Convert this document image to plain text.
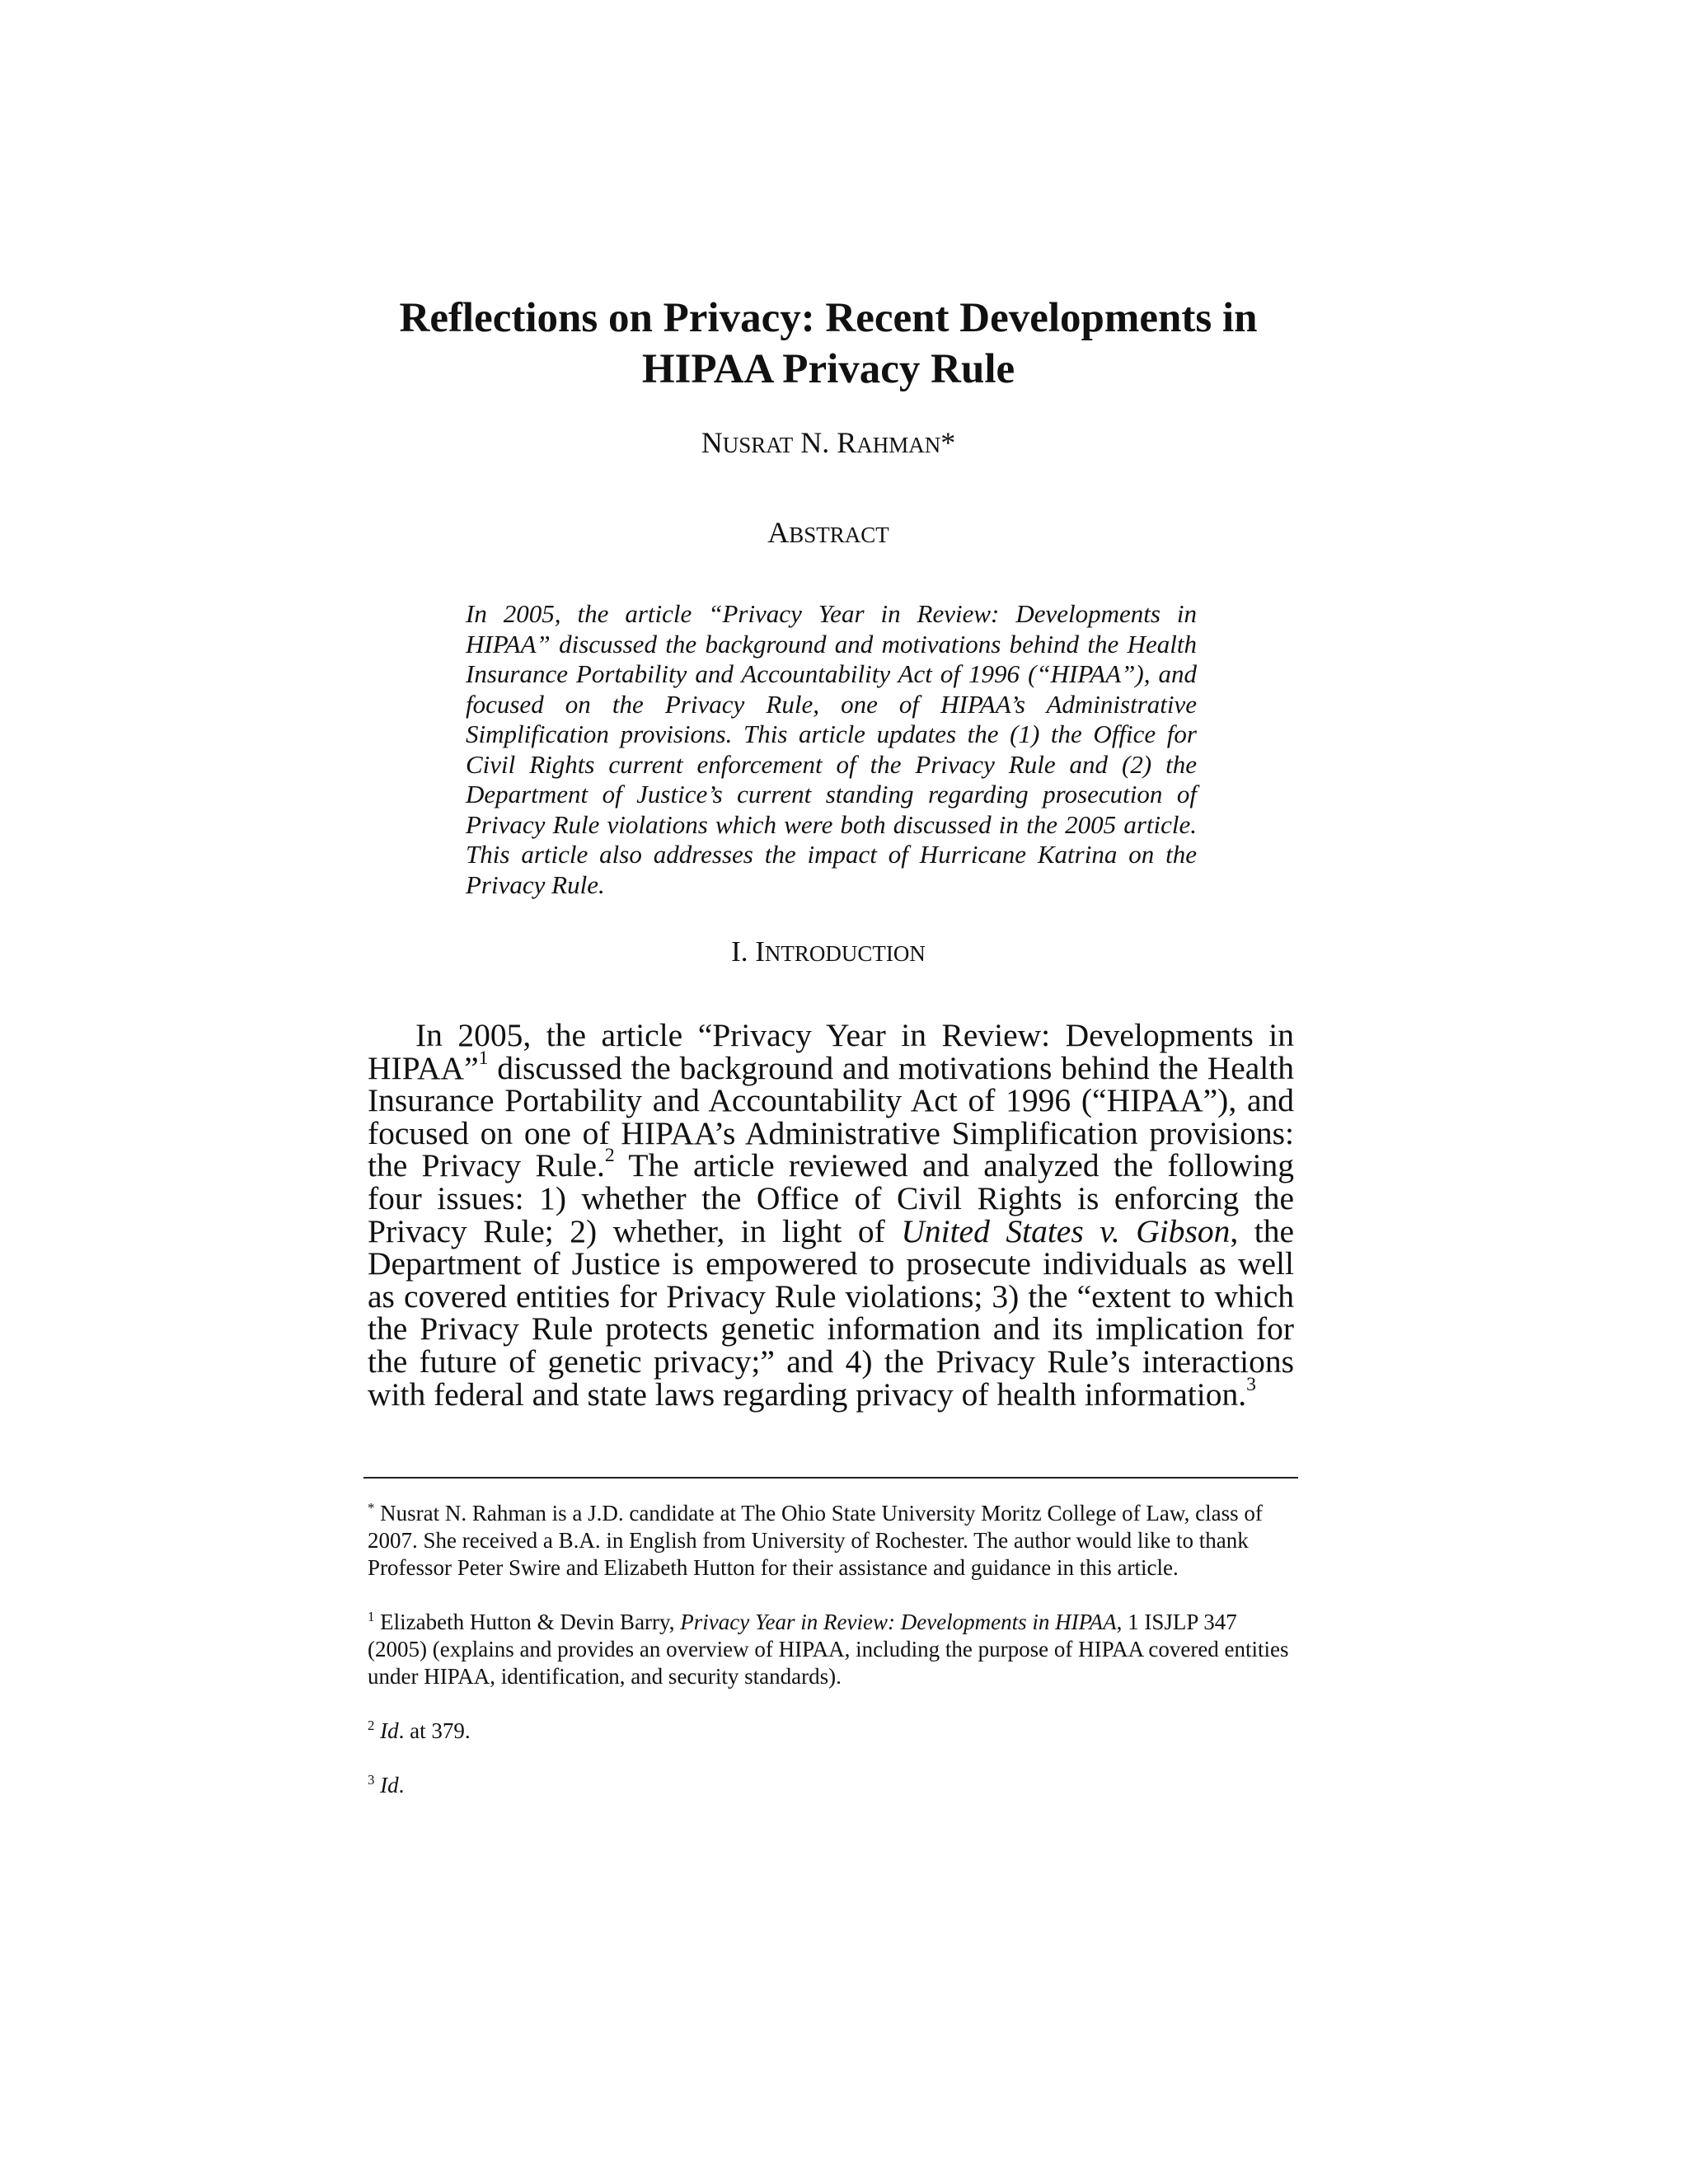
Reflections on Privacy: Recent Developments in HIPAA Privacy Rule
NUSRAT N. RAHMAN*
ABSTRACT

In 2005, the article “Privacy Year in Review: Developments in HIPAA” discussed the background and motivations behind the Health Insurance Portability and Accountability Act of 1996 (“HIPAA”), and focused on the Privacy Rule, one of HIPAA’s Administrative Simplification provisions. This article updates the (1) the Office for Civil Rights current enforcement of the Privacy Rule and (2) the Department of Justice’s current standing regarding prosecution of Privacy Rule violations which were both discussed in the 2005 article. This article also addresses the impact of Hurricane Katrina on the Privacy Rule.

I. INTRODUCTION

In 2005, the article “Privacy Year in Review: Developments in HIPAA”$^1$ discussed the background and motivations behind the Health Insurance Portability and Accountability Act of 1996 (“HIPAA”), and focused on one of HIPAA’s Administrative Simplification provisions: the Privacy Rule.$^2$ The article reviewed and analyzed the following four issues: 1) whether the Office of Civil Rights is enforcing the Privacy Rule; 2) whether, in light of United States v. Gibson, the Department of Justice is empowered to prosecute individuals as well as covered entities for Privacy Rule violations; 3) the “extent to which the Privacy Rule protects genetic information and its implication for the future of genetic privacy;” and 4) the Privacy Rule’s interactions with federal and state laws regarding privacy of health information.$^3$

* Nusrat N. Rahman is a J.D. candidate at The Ohio State University Moritz College of Law, class of 2007. She received a B.A. in English from University of Rochester. The author would like to thank Professor Peter Swire and Elizabeth Hutton for their assistance and guidance in this article.

$^1$ Elizabeth Hutton & Devin Barry, Privacy Year in Review: Developments in HIPAA, 1 ISJLP 347 (2005) (explains and provides an overview of HIPAA, including the purpose of HIPAA covered entities under HIPAA, identification, and security standards).

$^2$ Id. at 379.

$^3$ Id.
